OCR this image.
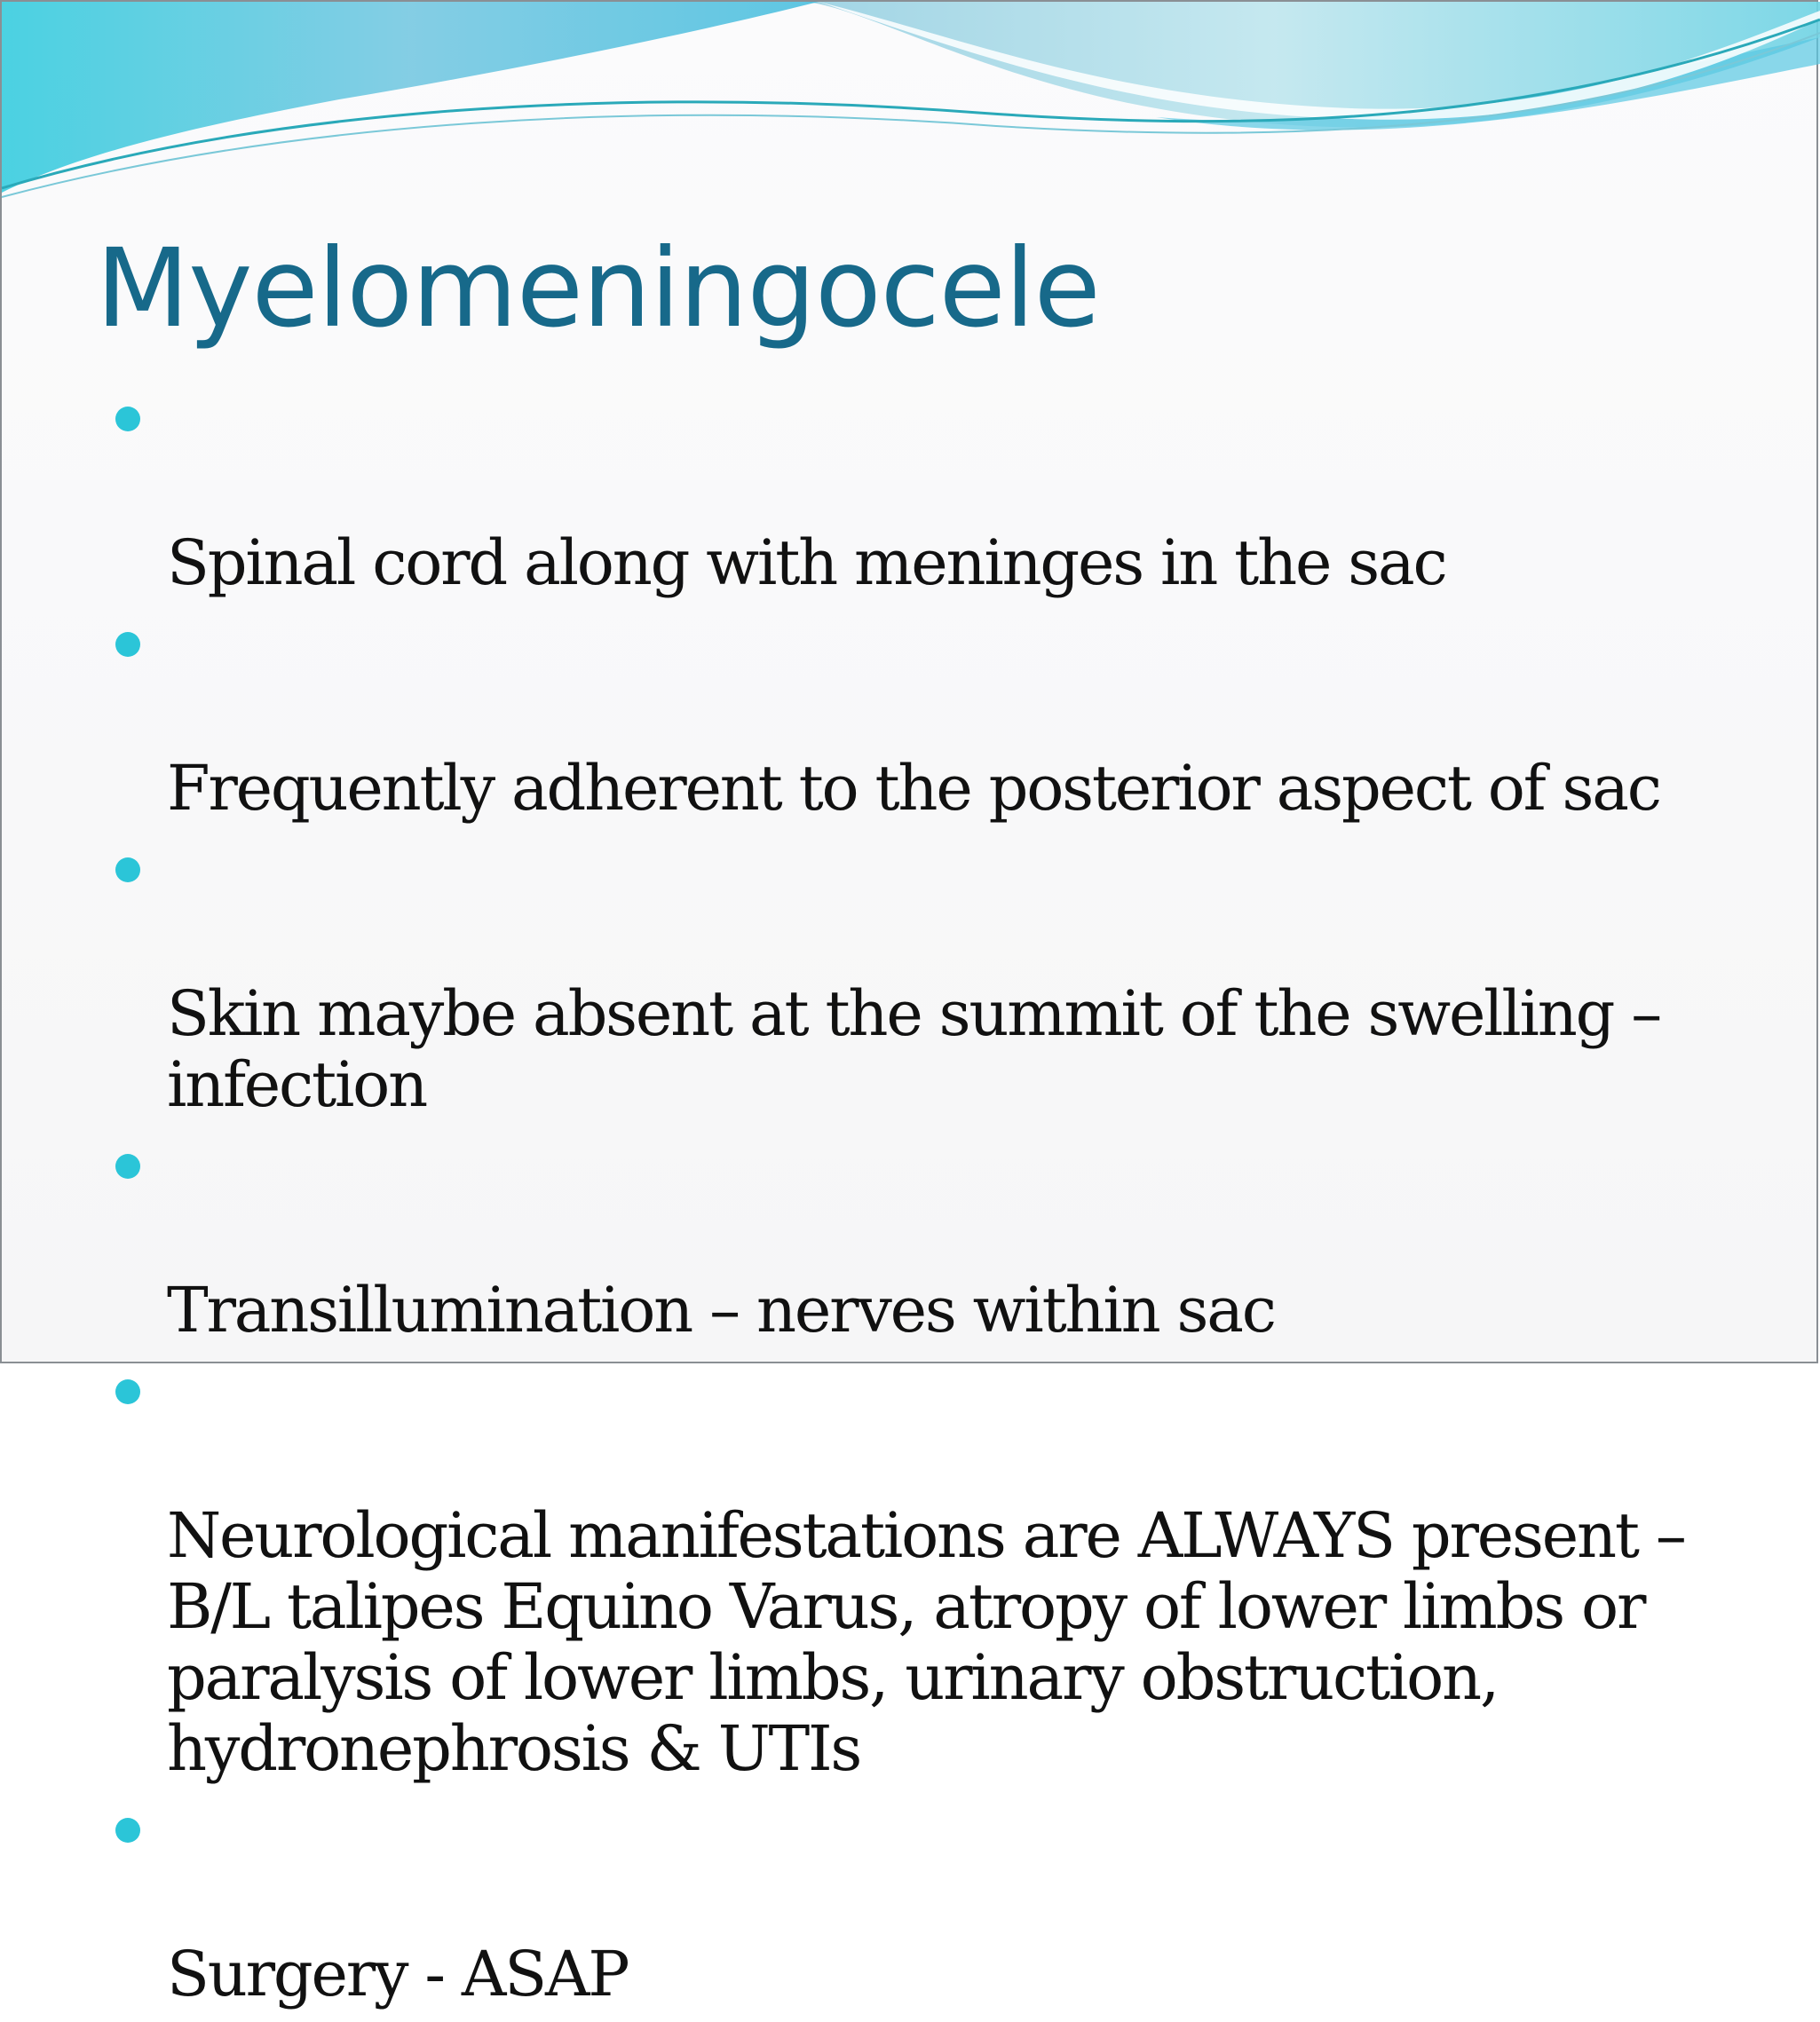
Myelomeningocele

Spinal cord along with meninges in the sac

Frequently adherent to the posterior aspect of sac

Skin maybe absent at the summit of the swelling –
infection

Transillumination – nerves within sac

Neurological manifestations are ALWAYS present –
B/L talipes Equino Varus, atropy of lower limbs or
paralysis of lower limbs, urinary obstruction,
hydronephrosis & UTIs

Surgery - ASAP
